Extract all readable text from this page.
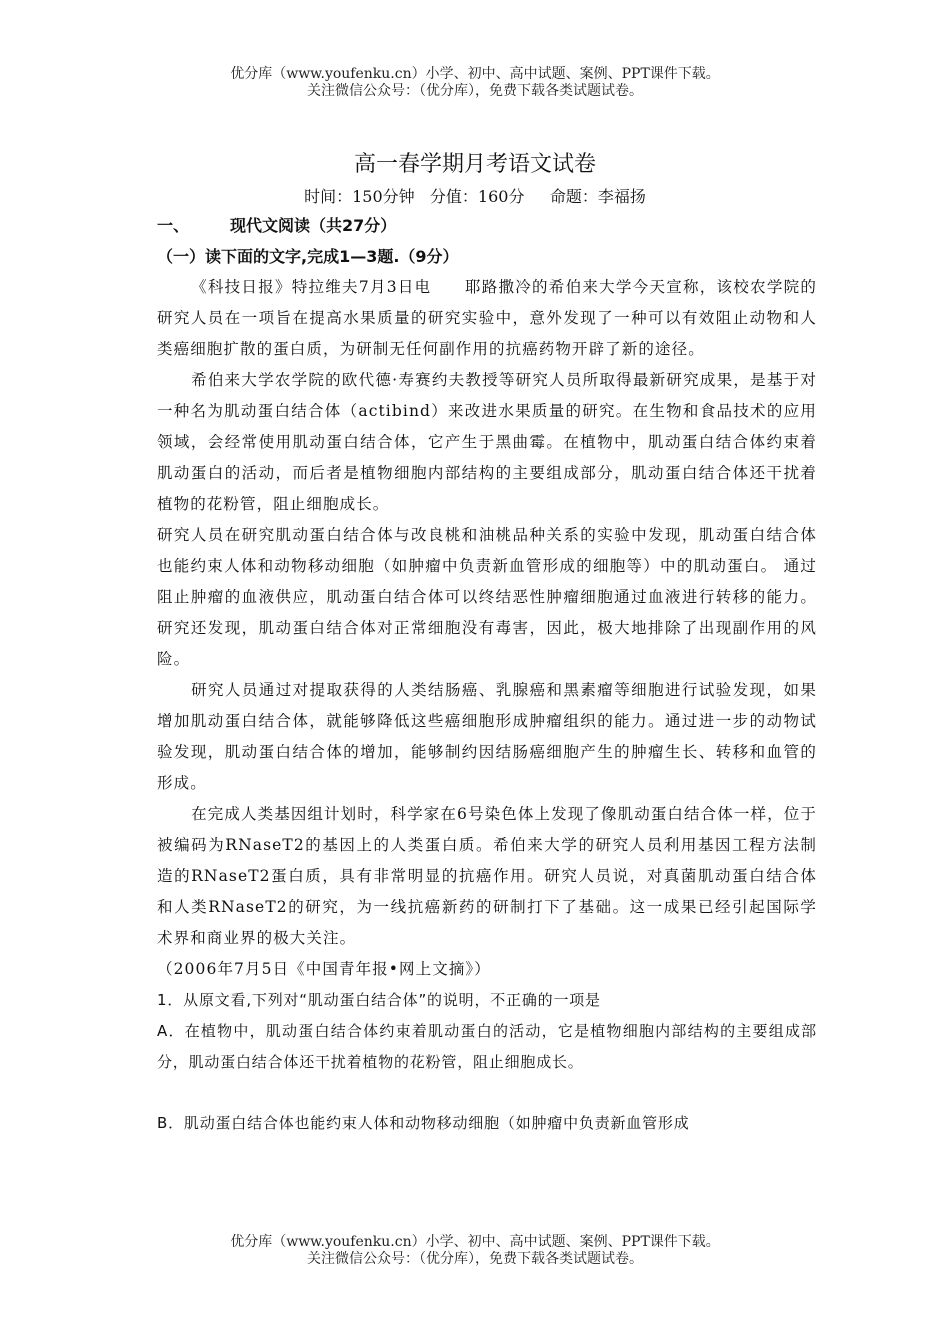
优分库（www.youfenku.cn）小学、初中、高中试题、案例、PPT课件下载。
关注微信公众号：（优分库），免费下载各类试题试卷。
高一春学期月考语文试卷
时间：150分钟   分值：160分     命题：李福扬
一、	现代文阅读（共27分）
（一）读下面的文字,完成1—3题.（9分）

《科技日报》特拉维夫7月3日电　　耶路撒冷的希伯来大学今天宣称，该校农学院的研究人员在一项旨在提高水果质量的研究实验中，意外发现了一种可以有效阻止动物和人类癌细胞扩散的蛋白质，为研制无任何副作用的抗癌药物开辟了新的途径。

希伯来大学农学院的欧代德·寿赛约夫教授等研究人员所取得最新研究成果，是基于对一种名为肌动蛋白结合体（actibind）来改进水果质量的研究。在生物和食品技术的应用领域，会经常使用肌动蛋白结合体，它产生于黑曲霉。在植物中，肌动蛋白结合体约束着肌动蛋白的活动，而后者是植物细胞内部结构的主要组成部分，肌动蛋白结合体还干扰着植物的花粉管，阻止细胞成长。

研究人员在研究肌动蛋白结合体与改良桃和油桃品种关系的实验中发现，肌动蛋白结合体也能约束人体和动物移动细胞（如肿瘤中负责新血管形成的细胞等）中的肌动蛋白。 通过阻止肿瘤的血液供应，肌动蛋白结合体可以终结恶性肿瘤细胞通过血液进行转移的能力。研究还发现，肌动蛋白结合体对正常细胞没有毒害，因此，极大地排除了出现副作用的风险。

研究人员通过对提取获得的人类结肠癌、乳腺癌和黑素瘤等细胞进行试验发现，如果增加肌动蛋白结合体，就能够降低这些癌细胞形成肿瘤组织的能力。通过进一步的动物试验发现，肌动蛋白结合体的增加，能够制约因结肠癌细胞产生的肿瘤生长、转移和血管的形成。

在完成人类基因组计划时，科学家在6号染色体上发现了像肌动蛋白结合体一样，位于被编码为RNaseT2的基因上的人类蛋白质。希伯来大学的研究人员利用基因工程方法制造的RNaseT2蛋白质，具有非常明显的抗癌作用。研究人员说，对真菌肌动蛋白结合体和人类RNaseT2的研究，为一线抗癌新药的研制打下了基础。这一成果已经引起国际学术界和商业界的极大关注。

（2006年7月5日《中国青年报•网上文摘》）

1．从原文看,下列对“肌动蛋白结合体”的说明，不正确的一项是

A．在植物中，肌动蛋白结合体约束着肌动蛋白的活动，它是植物细胞内部结构的主要组成部分，肌动蛋白结合体还干扰着植物的花粉管，阻止细胞成长。

B．肌动蛋白结合体也能约束人体和动物移动细胞（如肿瘤中负责新血管形成

优分库（www.youfenku.cn）小学、初中、高中试题、案例、PPT课件下载。
关注微信公众号：（优分库），免费下载各类试题试卷。
